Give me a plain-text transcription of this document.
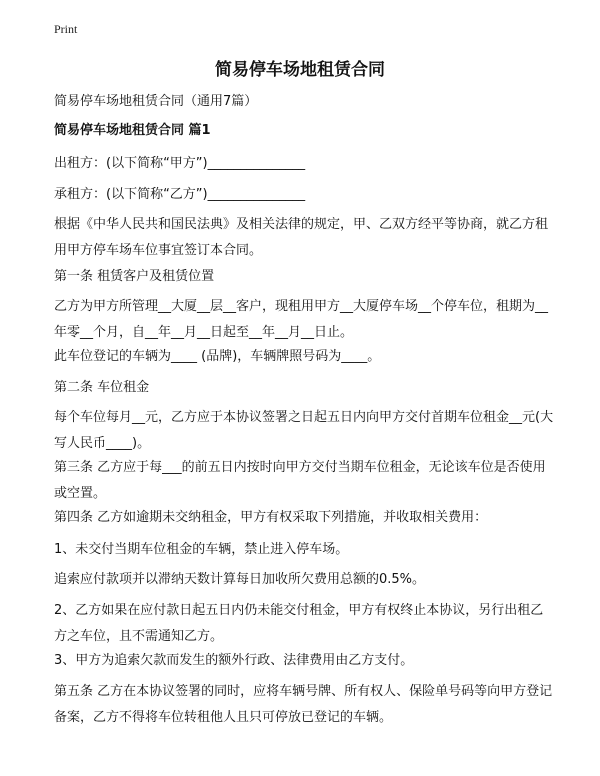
Print
简易停车场地租赁合同

简易停车场地租赁合同（通用7篇）

简易停车场地租赁合同 篇1

出租方：(以下简称“甲方”)_______________

承租方：(以下简称“乙方”)_______________

根据《中华人民共和国民法典》及相关法律的规定，甲、乙双方经平等协商，就乙方租用甲方停车场车位事宜签订本合同。

第一条 租赁客户及租赁位置

乙方为甲方所管理__大厦__层__客户，现租用甲方__大厦停车场__个停车位，租期为__年零__个月，自__年__月__日起至__年__月__日止。

此车位登记的车辆为____ (品牌)，车辆牌照号码为____。

第二条 车位租金

每个车位每月__元，乙方应于本协议签署之日起五日内向甲方交付首期车位租金__元(大写人民币____)。

第三条 乙方应于每___的前五日内按时向甲方交付当期车位租金，无论该车位是否使用或空置。

第四条 乙方如逾期未交纳租金，甲方有权采取下列措施，并收取相关费用：

1、未交付当期车位租金的车辆，禁止进入停车场。

追索应付款项并以滞纳天数计算每日加收所欠费用总额的0.5%。

2、乙方如果在应付款日起五日内仍未能交付租金，甲方有权终止本协议，另行出租乙方之车位，且不需通知乙方。

3、甲方为追索欠款而发生的额外行政、法律费用由乙方支付。

第五条 乙方在本协议签署的同时，应将车辆号牌、所有权人、保险单号码等向甲方登记备案，乙方不得将车位转租他人且只可停放已登记的车辆。
